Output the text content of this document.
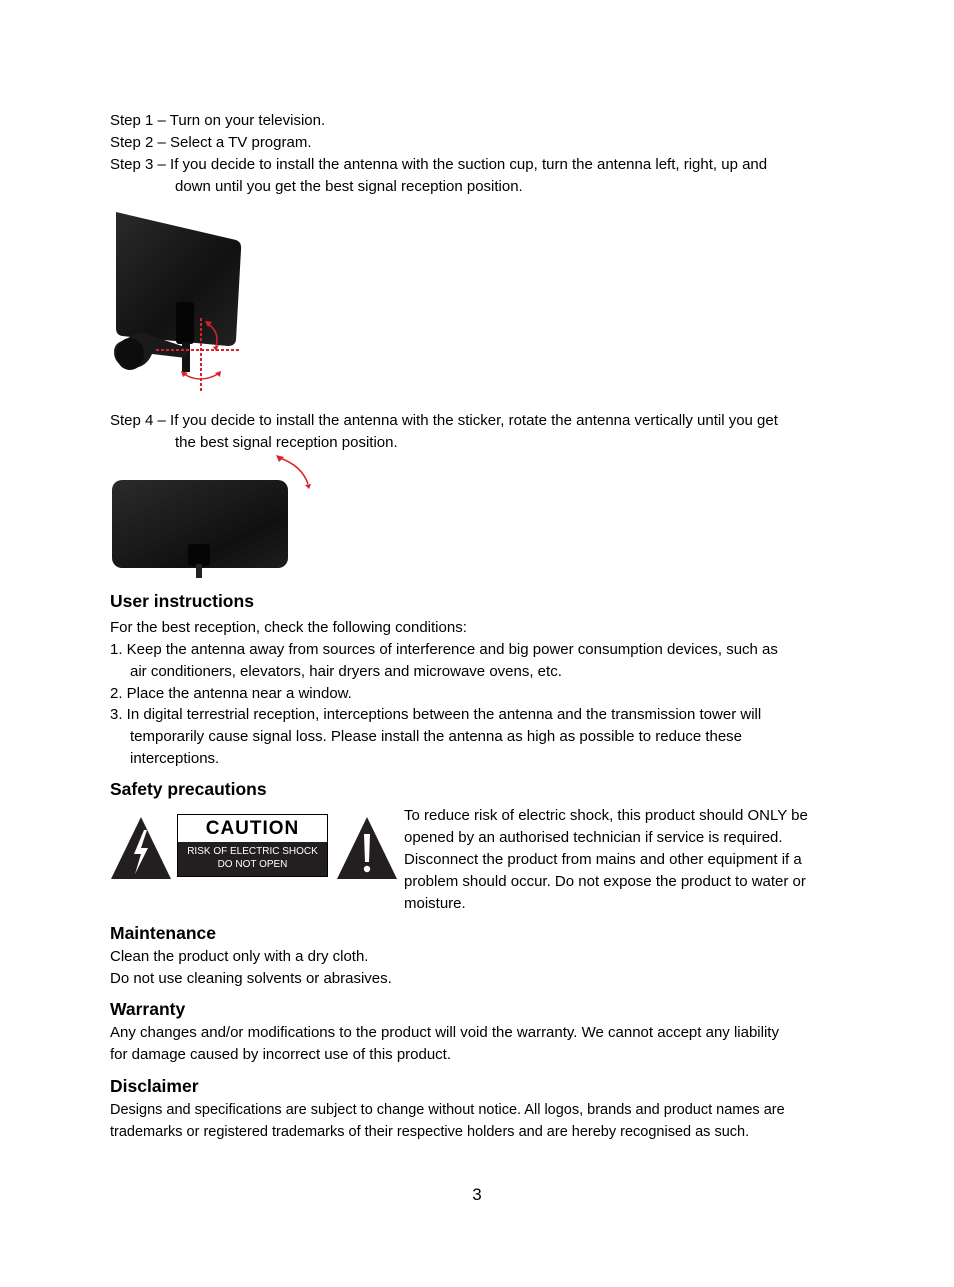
Step 1 – Turn on your television.
Step 2 – Select a TV program.
Step 3 – If you decide to install the antenna with the suction cup, turn the antenna left, right, up and
down until you get the best signal reception position.
Step 4 – If you decide to install the antenna with the sticker, rotate the antenna vertically until you get
the best signal reception position.
User instructions
For the best reception, check the following conditions:
1. Keep the antenna away from sources of interference and big power consumption devices, such as
air conditioners, elevators, hair dryers and microwave ovens, etc.
2. Place the antenna near a window.
3. In digital terrestrial reception, interceptions between the antenna and the transmission tower will
temporarily cause signal loss. Please install the antenna as high as possible to reduce these
interceptions.
Safety precautions
CAUTION
RISK OF ELECTRIC SHOCK
DO NOT OPEN
To reduce risk of electric shock, this product should ONLY be
opened by an authorised technician if service is required.
Disconnect the product from mains and other equipment if a
problem should occur. Do not expose the product to water or
moisture.
Maintenance
Clean the product only with a dry cloth.
Do not use cleaning solvents or abrasives.
Warranty
Any changes and/or modifications to the product will void the warranty. We cannot accept any liability
for damage caused by incorrect use of this product.
Disclaimer
Designs and specifications are subject to change without notice. All logos, brands and product names are
trademarks or registered trademarks of their respective holders and are hereby recognised as such.
3
